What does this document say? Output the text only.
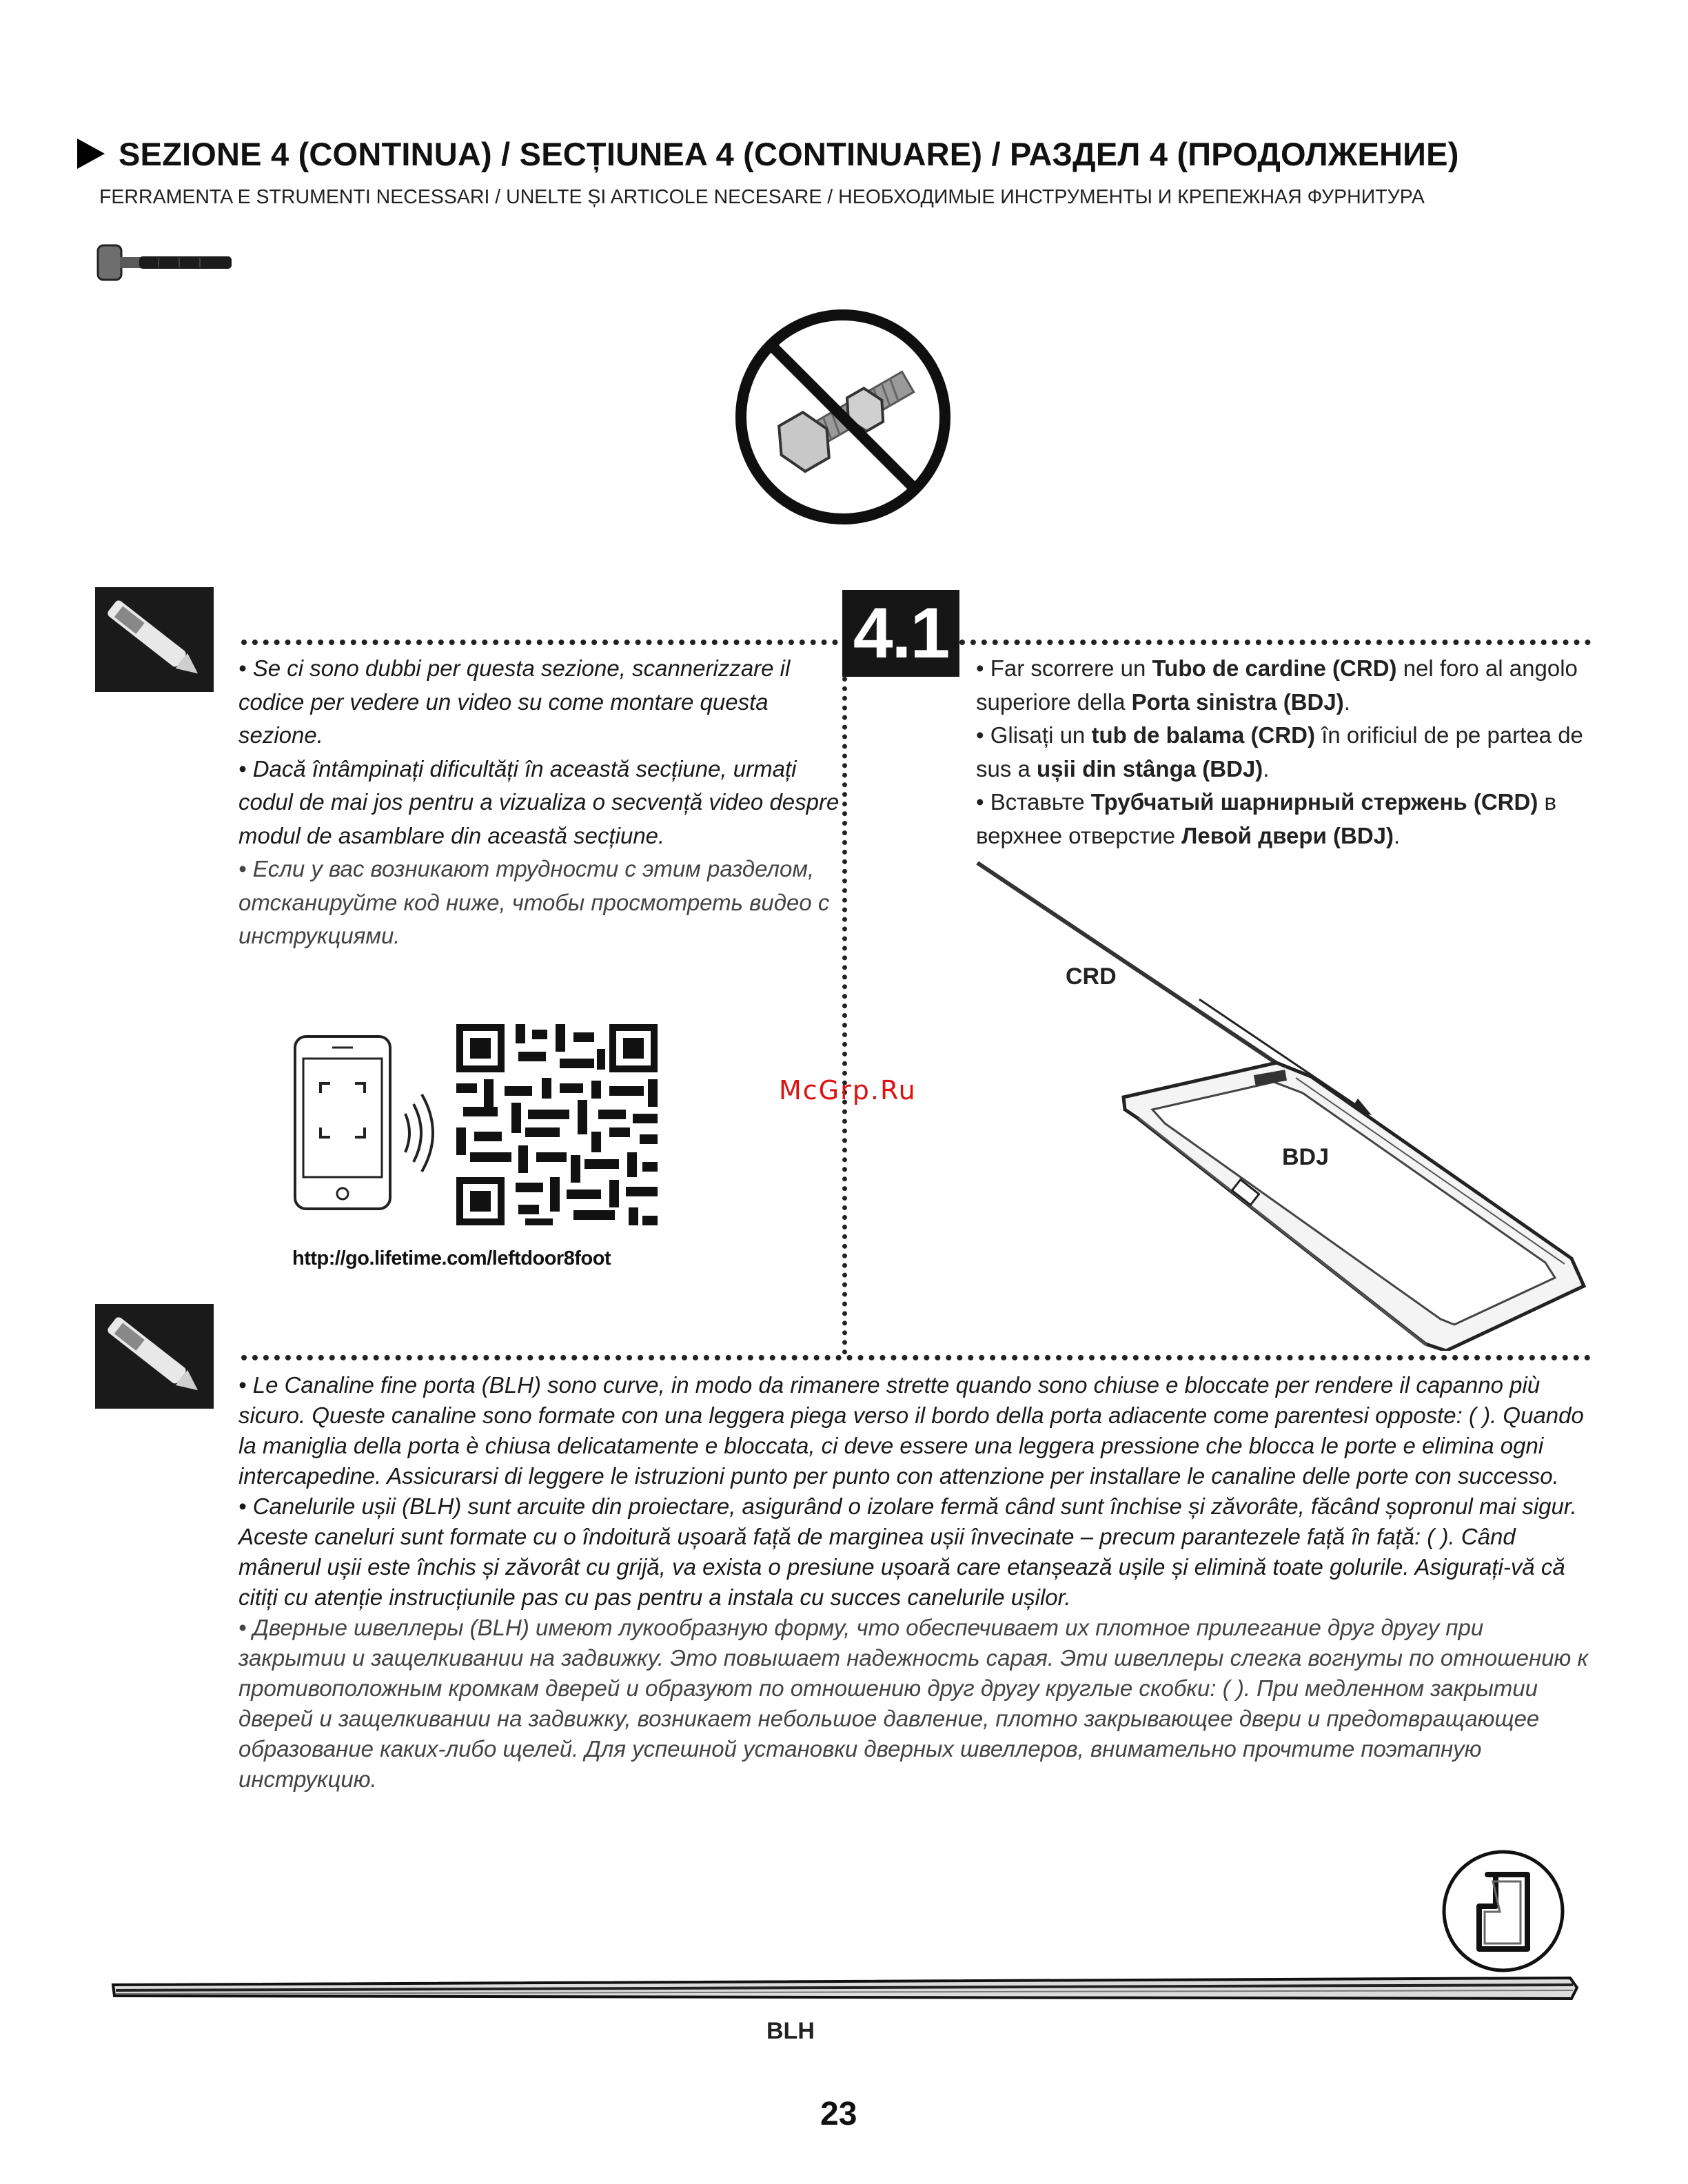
SEZIONE 4 (CONTINUA) / SECȚIUNEA 4 (CONTINUARE) / РАЗДЕЛ 4 (ПРОДОЛЖЕНИЕ)
FERRAMENTA E STRUMENTI NECESSARI / UNELTE ȘI ARTICOLE NECESARE / НЕОБХОДИМЫЕ ИНСТРУМЕНТЫ И КРЕПЕЖНАЯ ФУРНИТУРА
4.1

• Se ci sono dubbi per questa sezione, scannerizzare il codice per vedere un video su come montare questa sezione.

• Dacă întâmpinați dificultăți în această secțiune, urmați codul de mai jos pentru a vizualiza o secvență video despre modul de asamblare din această secțiune.

• Если у вас возникают трудности с этим разделом, отсканируйте код ниже, чтобы просмотреть видео с инструкциями.

http://go.lifetime.com/leftdoor8foot

• Far scorrere un Tubo de cardine (CRD) nel foro al angolo superiore della Porta sinistra (BDJ).

• Glisați un tub de balama (CRD) în orificiul de pe partea de sus a ușii din stânga (BDJ).

• Вставьте Трубчатый шарнирный стержень (CRD) в верхнее отверстие Левой двери (BDJ).

CRD
BDJ
McGrp.Ru

• Le Canaline fine porta (BLH) sono curve, in modo da rimanere strette quando sono chiuse e bloccate per rendere il capanno più sicuro. Queste canaline sono formate con una leggera piega verso il bordo della porta adiacente come parentesi opposte: ( ). Quando la maniglia della porta è chiusa delicatamente e bloccata, ci deve essere una leggera pressione che blocca le porte e elimina ogni intercapedine. Assicurarsi di leggere le istruzioni punto per punto con attenzione per installare le canaline delle porte con successo.

• Canelurile ușii (BLH) sunt arcuite din proiectare, asigurând o izolare fermă când sunt închise și zăvorâte, făcând șopronul mai sigur. Aceste caneluri sunt formate cu o îndoitură ușoară față de marginea ușii învecinate – precum parantezele față în față: ( ). Când mânerul ușii este închis și zăvorât cu grijă, va exista o presiune ușoară care etanșează ușile și elimină toate golurile. Asigurați-vă că citiți cu atenție instrucțiunile pas cu pas pentru a instala cu succes canelurile ușilor.

• Дверные швеллеры (BLH) имеют лукообразную форму, что обеспечивает их плотное прилегание друг другу при закрытии и защелкивании на задвижку. Это повышает надежность сарая. Эти швеллеры слегка вогнуты по отношению к противоположным кромкам дверей и образуют по отношению друг другу круглые скобки: ( ). При медленном закрытии дверей и защелкивании на задвижку, возникает небольшое давление, плотно закрывающее двери и предотвращающее образование каких-либо щелей. Для успешной установки дверных швеллеров, внимательно прочтите поэтапную инструкцию.

BLH
23
